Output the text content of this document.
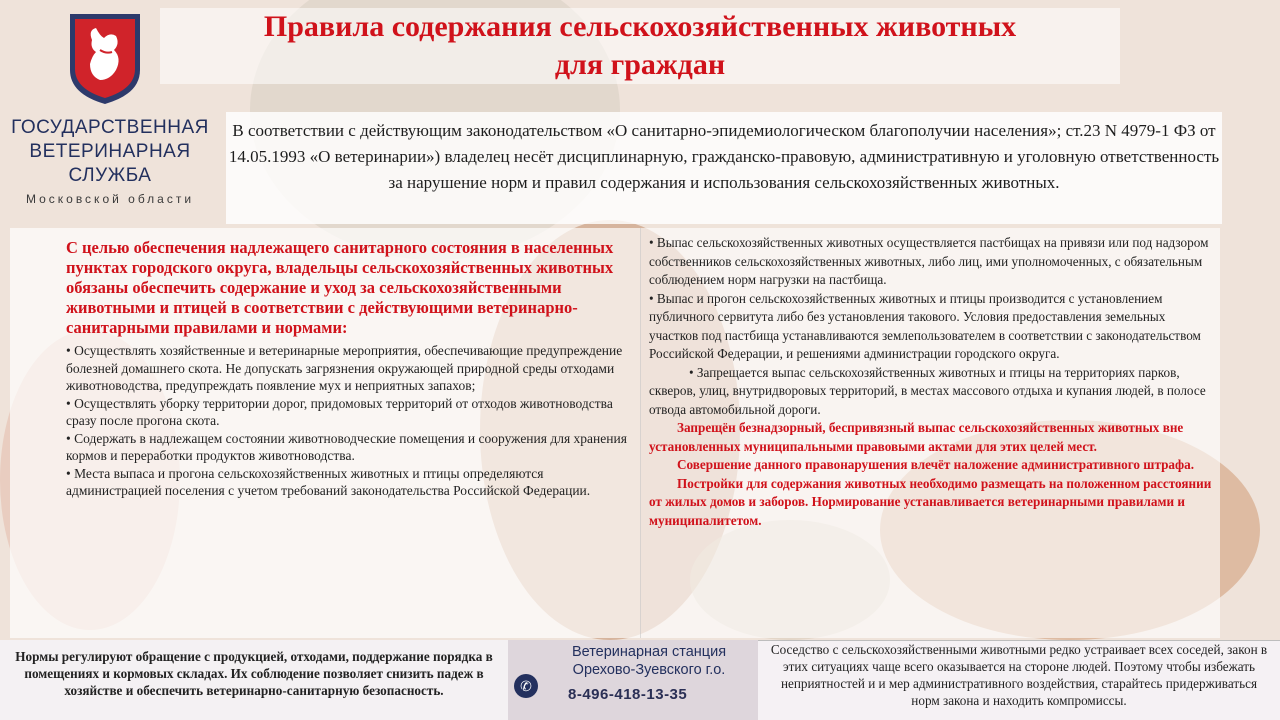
ГОСУДАРСТВЕННАЯ
ВЕТЕРИНАРНАЯ
СЛУЖБА
Московской области
Правила содержания сельскохозяйственных животных
для граждан
В соответствии с действующим законодательством «О санитарно-эпидемиологическом благополучии населения»; ст.23 N 4979-1 ФЗ от 14.05.1993 «О ветеринарии») владелец несёт дисциплинарную, гражданско-правовую, административную и уголовную ответственность за нарушение норм и правил содержания и использования сельскохозяйственных животных.
С целью обеспечения надлежащего санитарного состояния в населенных пунктах городского округа, владельцы сельскохозяйственных животных обязаны обеспечить содержание и уход за сельскохозяйственными животными и птицей в соответствии с действующими ветеринарно-санитарными правилами и нормами:
• Осуществлять хозяйственные и ветеринарные мероприятия, обеспечивающие предупреждение болезней домашнего скота. Не допускать загрязнения окружающей природной среды отходами животноводства, предупреждать появление мух и неприятных запахов;
• Осуществлять уборку территории дорог, придомовых территорий от отходов животноводства сразу после прогона скота.
• Содержать в надлежащем состоянии животноводческие помещения и сооружения для хранения кормов и переработки продуктов животноводства.
• Места выпаса и прогона сельскохозяйственных животных и птицы определяются администрацией поселения с учетом требований законодательства Российской Федерации.
• Выпас сельскохозяйственных животных осуществляется пастбищах на привязи или под надзором собственников сельскохозяйственных животных, либо лиц, ими уполномоченных, с обязательным соблюдением норм нагрузки на пастбища.
• Выпас и прогон сельскохозяйственных животных и птицы производится с установлением публичного сервитута либо без установления такового. Условия предоставления земельных участков под пастбища устанавливаются землепользователем в соответствии с законодательством Российской Федерации, и решениями администрации городского округа.
• Запрещается выпас сельскохозяйственных животных и птицы на территориях парков, скверов, улиц, внутридворовых территорий, в местах массового отдыха и купания людей, в полосе отвода автомобильной дороги.
Запрещён безнадзорный, беспривязный выпас сельскохозяйственных животных вне установленных муниципальными правовыми актами для этих целей мест.
Совершение данного правонарушения влечёт наложение административного штрафа.
Постройки для содержания животных необходимо размещать на положенном расстоянии от жилых домов и заборов. Нормирование устанавливается ветеринарными правилами и муниципалитетом.
Нормы регулируют обращение с продукцией, отходами, поддержание порядка в помещениях и кормовых складах. Их соблюдение позволяет снизить падеж в хозяйстве и обеспечить ветеринарно-санитарную безопасность.
Ветеринарная станция
Орехово-Зуевского г.о.
✆	8-496-418-13-35
Соседство с сельскохозяйственными животными редко устраивает всех соседей, закон в этих ситуациях чаще всего оказывается на стороне людей. Поэтому чтобы избежать неприятностей и и мер административного воздействия, старайтесь придерживаться норм закона и находить компромиссы.
